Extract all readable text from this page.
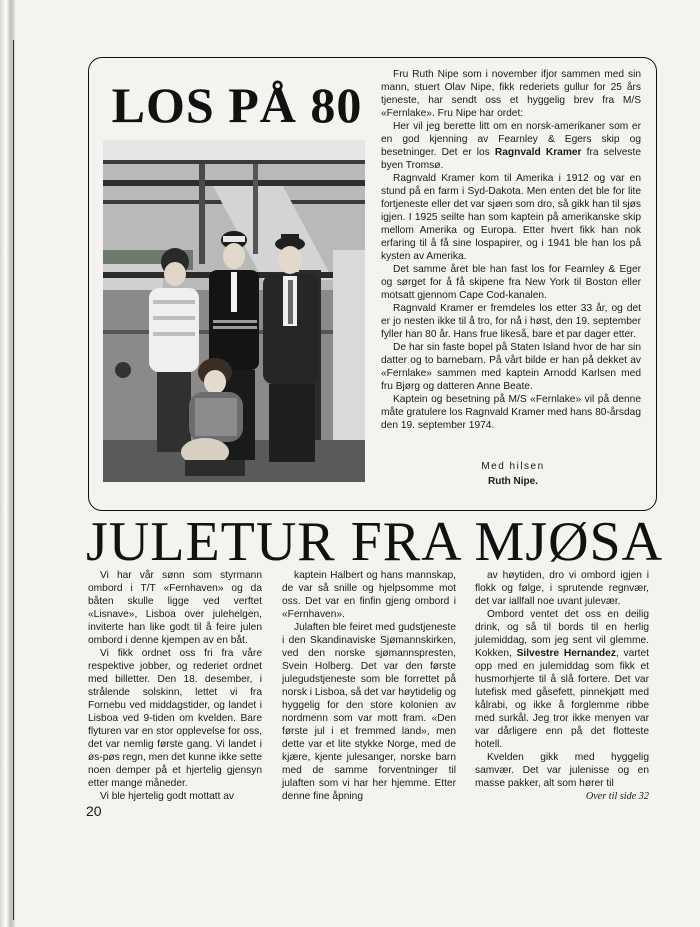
LOS PÅ 80

Fru Ruth Nipe som i november ifjor sammen med sin mann, stuert Olav Nipe, fikk rederiets gullur for 25 års tjeneste, har sendt oss et hyggelig brev fra M/S «Fernlake». Fru Nipe har ordet:

Her vil jeg berette litt om en norsk-amerikaner som er en god kjenning av Fearnley & Egers skip og besetninger. Det er los Ragnvald Kramer fra selveste byen Tromsø.

Ragnvald Kramer kom til Amerika i 1912 og var en stund på en farm i Syd-Dakota. Men enten det ble for lite fortjeneste eller det var sjøen som dro, så gikk han til sjøs igjen. I 1925 seilte han som kaptein på amerikanske skip mellom Amerika og Europa. Etter hvert fikk han nok erfaring til å få sine lospapirer, og i 1941 ble han los på kysten av Amerika.

Det samme året ble han fast los for Fearnley & Eger og sørget for å få skipene fra New York til Boston eller motsatt gjennom Cape Cod-kanalen.

Ragnvald Kramer er fremdeles los etter 33 år, og det er jo nesten ikke til å tro, for nå i høst, den 19. september fyller han 80 år. Hans frue likeså, bare et par dager etter.

De har sin faste bopel på Staten Island hvor de har sin datter og to barnebarn. På vårt bilde er han på dekket av «Fernlake» sammen med kaptein Arnodd Karlsen med fru Bjørg og datteren Anne Beate.

Kaptein og besetning på M/S «Fernlake» vil på denne måte gratulere los Ragnvald Kramer med hans 80-årsdag den 19. september 1974.

Med hilsen
Ruth Nipe.
JULETUR FRA MJØSA

Vi har vår sønn som styrmann ombord i T/T «Fernhaven» og da båten skulle ligge ved verftet «Lisnave», Lisboa over julehelgen, inviterte han like godt til å feire julen ombord i denne kjempen av en båt.

Vi fikk ordnet oss fri fra våre respektive jobber, og rederiet ordnet med billetter. Den 18. desember, i strålende solskinn, lettet vi fra Fornebu ved middagstider, og landet i Lisboa ved 9-tiden om kvelden. Bare flyturen var en stor opplevelse for oss, det var nemlig første gang. Vi landet i øs-pøs regn, men det kunne ikke sette noen demper på et hjertelig gjensyn etter mange måneder.

Vi ble hjertelig godt mottatt av

kaptein Halbert og hans mannskap, de var så snille og hjelpsomme mot oss. Det var en finfin gjeng ombord i «Fernhaven».

Julaften ble feiret med gudstjeneste i den Skandinaviske Sjømannskirken, ved den norske sjømannspresten, Svein Holberg. Det var den første julegudstjeneste som ble forrettet på norsk i Lisboa, så det var høytidelig og hyggelig for den store kolonien av nordmenn som var mott fram. «Den første jul i et fremmed land», men dette var et lite stykke Norge, med de kjære, kjente julesanger, norske barn med de samme forventninger til julaften som vi har her hjemme. Etter denne fine åpning

av høytiden, dro vi ombord igjen i flokk og følge, i sprutende regnvær, det var iallfall noe uvant julevær.

Ombord ventet det oss en deilig drink, og så til bords til en herlig julemiddag, som jeg sent vil glemme. Kokken, Silvestre Hernandez, vartet opp med en julemiddag som fikk et husmorhjerte til å slå fortere. Det var lutefisk med gåsefett, pinnekjøtt med kålrabi, og ikke å forglemme ribbe med surkål. Jeg tror ikke menyen var var dårligere enn på det flotteste hotell.

Kvelden gikk med hyggelig samvær. Det var julenisse og en masse pakker, alt som hører til

Over til side 32

20
